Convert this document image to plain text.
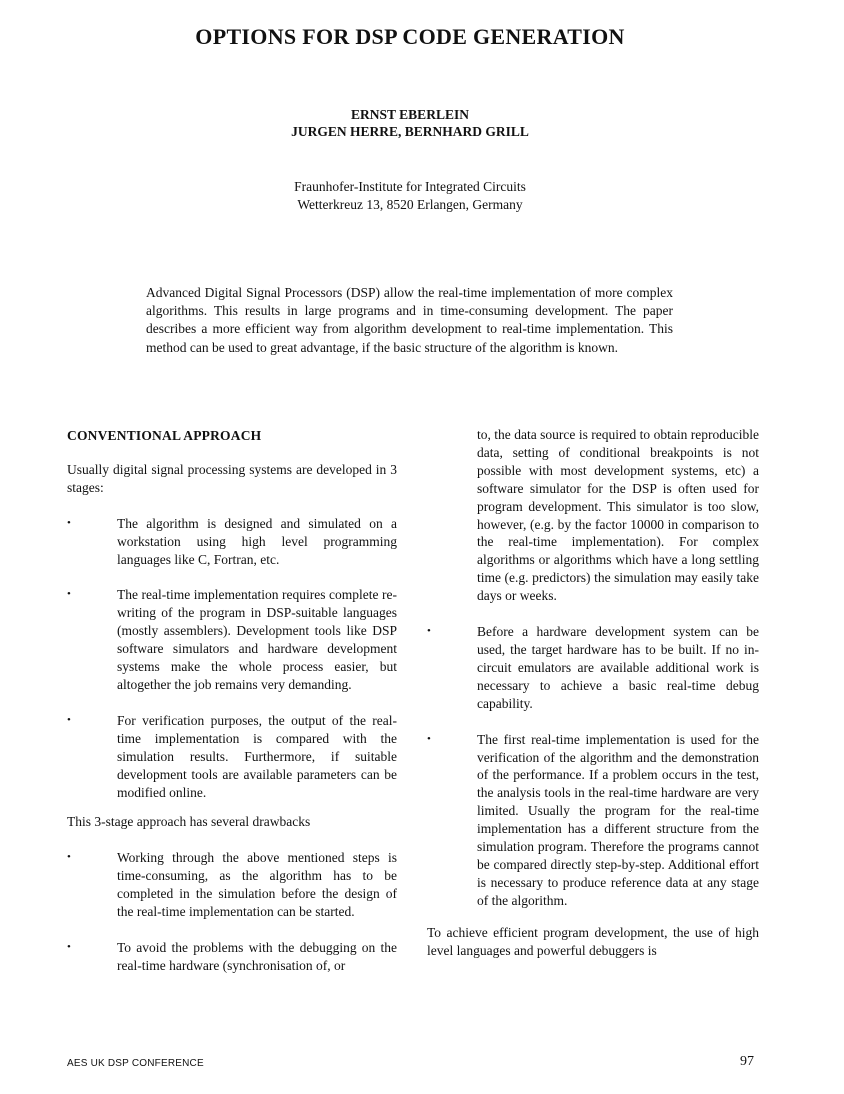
OPTIONS FOR DSP CODE GENERATION
ERNST EBERLEIN
JURGEN HERRE, BERNHARD GRILL
Fraunhofer-Institute for Integrated Circuits
Wetterkreuz 13, 8520 Erlangen, Germany

Advanced Digital Signal Processors (DSP) allow the real-time implementation of more complex algorithms. This results in large programs and in time-consuming development. The paper describes a more efficient way from algorithm development to real-time implementation. This method can be used to great advantage, if the basic structure of the algorithm is known.

CONVENTIONAL APPROACH

Usually digital signal processing systems are developed in 3 stages:

•	The algorithm is designed and simulated on a workstation using high level programming languages like C, Fortran, etc.
•	The real-time implementation requires complete re-writing of the program in DSP-suitable languages (mostly assemblers). Development tools like DSP software simulators and hardware development systems make the whole process easier, but altogether the job remains very demanding.
•	For verification purposes, the output of the real-time implementation is compared with the simulation results. Furthermore, if suitable development tools are available parameters can be modified online.

This 3-stage approach has several drawbacks

•	Working through the above mentioned steps is time-consuming, as the algorithm has to be completed in the simulation before the design of the real-time implementation can be started.
•	To avoid the problems with the debugging on the real-time hardware (synchronisation of, or

to, the data source is required to obtain reproducible data, setting of conditional breakpoints is not possible with most development systems, etc) a software simulator for the DSP is often used for program development. This simulator is too slow, however, (e.g. by the factor 10000 in comparison to the real-time implementation). For complex algorithms or algorithms which have a long settling time (e.g. predictors) the simulation may easily take days or weeks.

•	Before a hardware development system can be used, the target hardware has to be built. If no in-circuit emulators are available additional work is necessary to achieve a basic real-time debug capability.
•	The first real-time implementation is used for the verification of the algorithm and the demonstration of the performance. If a problem occurs in the test, the analysis tools in the real-time hardware are very limited. Usually the program for the real-time implementation has a different structure from the simulation program. Therefore the programs cannot be compared directly step-by-step. Additional effort is necessary to produce reference data at any stage of the algorithm.

To achieve efficient program development, the use of high level languages and powerful debuggers is

AES UK DSP CONFERENCE	97
